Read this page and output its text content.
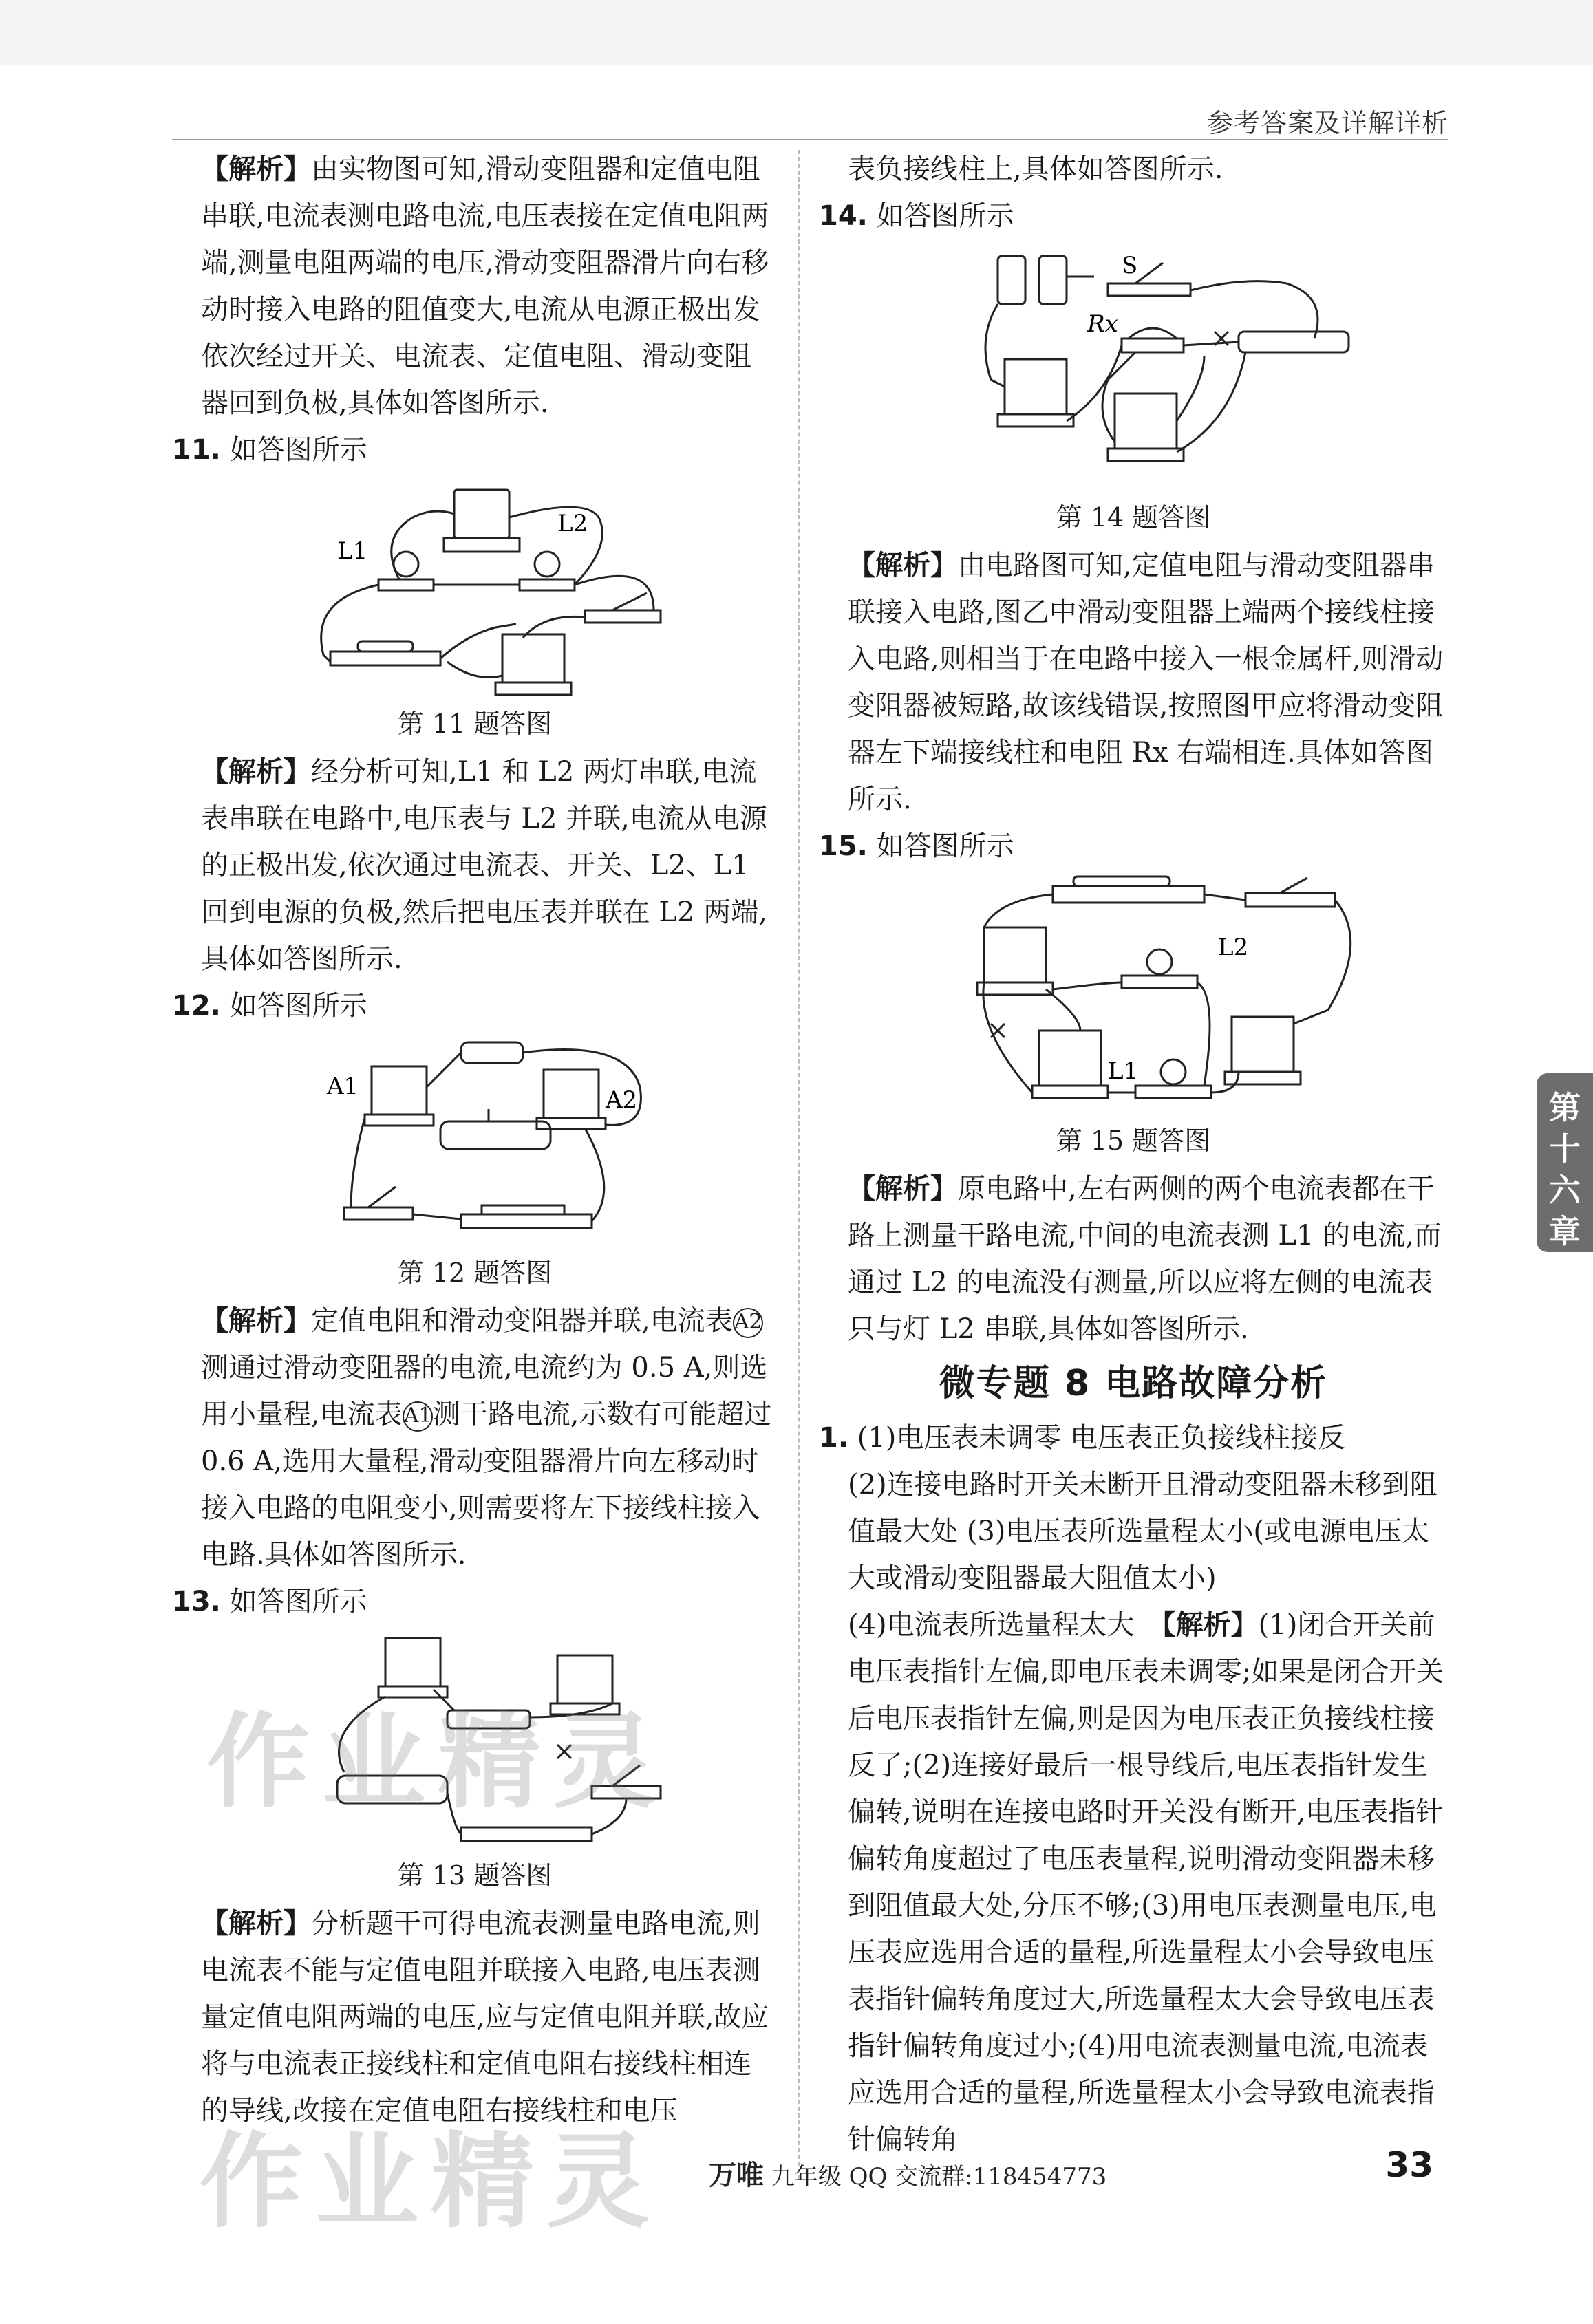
参考答案及详解详析

【解析】由实物图可知,滑动变阻器和定值电阻串联,电流表测电路电流,电压表接在定值电阻两端,测量电阻两端的电压,滑动变阻器滑片向右移动时接入电路的阻值变大,电流从电源正极出发依次经过开关、电流表、定值电阻、滑动变阻器回到负极,具体如答图所示.

11. 如答图所示

L1
L2
第 11 题答图

【解析】经分析可知,L1 和 L2 两灯串联,电流表串联在电路中,电压表与 L2 并联,电流从电源的正极出发,依次通过电流表、开关、L2、L1 回到电源的负极,然后把电压表并联在 L2 两端,具体如答图所示.

12. 如答图所示

A1	A2
第 12 题答图

【解析】定值电阻和滑动变阻器并联,电流表A2测通过滑动变阻器的电流,电流约为 0.5 A,则选用小量程,电流表A1测干路电流,示数有可能超过 0.6 A,选用大量程,滑动变阻器滑片向左移动时接入电路的电阻变小,则需要将左下接线柱接入电路.具体如答图所示.

13. 如答图所示

第 13 题答图

【解析】分析题干可得电流表测量电路电流,则电流表不能与定值电阻并联接入电路,电压表测量定值电阻两端的电压,应与定值电阻并联,故应将与电流表正接线柱和定值电阻右接线柱相连的导线,改接在定值电阻右接线柱和电压

表负接线柱上,具体如答图所示.

14. 如答图所示

S
Rx
第 14 题答图

【解析】由电路图可知,定值电阻与滑动变阻器串联接入电路,图乙中滑动变阻器上端两个接线柱接入电路,则相当于在电路中接入一根金属杆,则滑动变阻器被短路,故该线错误,按照图甲应将滑动变阻器左下端接线柱和电阻 Rx 右端相连.具体如答图所示.

15. 如答图所示

L2
L1
第 15 题答图

【解析】原电路中,左右两侧的两个电流表都在干路上测量干路电流,中间的电流表测 L1 的电流,而通过 L2 的电流没有测量,所以应将左侧的电流表只与灯 L2 串联,具体如答图所示.

微专题 8 电路故障分析

1. (1)电压表未调零 电压表正负接线柱接反

(2)连接电路时开关未断开且滑动变阻器未移到阻值最大处 (3)电压表所选量程太小(或电源电压太大或滑动变阻器最大阻值太小)

(4)电流表所选量程太大　 【解析】(1)闭合开关前电压表指针左偏,即电压表未调零;如果是闭合开关后电压表指针左偏,则是因为电压表正负接线柱接反了;(2)连接好最后一根导线后,电压表指针发生偏转,说明在连接电路时开关没有断开,电压表指针偏转角度超过了电压表量程,说明滑动变阻器未移到阻值最大处,分压不够;(3)用电压表测量电压,电压表应选用合适的量程,所选量程太小会导致电压表指针偏转角度过大,所选量程太大会导致电压表指针偏转角度过小;(4)用电流表测量电流,电流表应选用合适的量程,所选量程太小会导致电流表指针偏转角

第十六章
作业精灵
作业精灵 万唯 九年级 QQ 交流群:118454773	33
